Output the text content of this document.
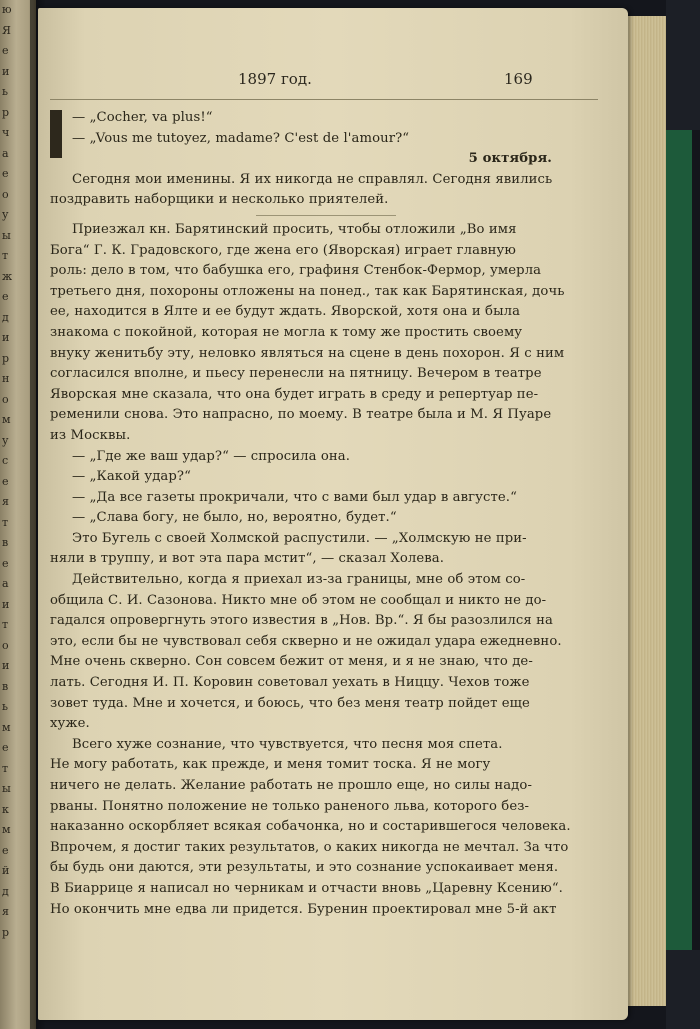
ю
Я
е
и
ь
р
ч
а
е
о
у
ы
т
ж
е
д
и
р
н
о
м
у
с
е
я
т
в
е
а
и
т
о
и
в
ь
м
е
т
ы
к
м
е
й
д
я
р
1897 год.	169
— „Cocher, va plus!“
— „Vous me tutoyez, madame? C'est de l'amour?“
5 октября.
Сегодня мои именины. Я их никогда не справлял. Сегодня явились
поздравить наборщики и несколько приятелей.
Приезжал кн. Барятинский просить, чтобы отложили „Во имя
Бога“ Г. К. Градовского, где жена его (Яворская) играет главную
роль: дело в том, что бабушка его, графиня Стенбок-Фермор, умерла
третьего дня, похороны отложены на понед., так как Барятинская, дочь
ее, находится в Ялте и ее будут ждать. Яворской, хотя она и была
знакома с покойной, которая не могла к тому же простить своему
внуку женитьбу эту, неловко являться на сцене в день похорон. Я с ним
согласился вполне, и пьесу перенесли на пятницу. Вечером в театре
Яворская мне сказала, что она будет играть в среду и репертуар пе-
ременили снова. Это напрасно, по моему. В театре была и М. Я Пуаре
из Москвы.
— „Где же ваш удар?“ — спросила она.
— „Какой удар?“
— „Да все газеты прокричали, что с вами был удар в августе.“
— „Слава богу, не было, но, вероятно, будет.“
Это Бугель с своей Холмской распустили. — „Холмскую не при-
няли в труппу, и вот эта пара мстит“, — сказал Холева.
Действительно, когда я приехал из-за границы, мне об этом со-
общила С. И. Сазонова. Никто мне об этом не сообщал и никто не до-
гадался опровергнуть этого известия в „Нов. Вр.“. Я бы разозлился на
это, если бы не чувствовал себя скверно и не ожидал удара ежедневно.
Мне очень скверно. Сон совсем бежит от меня, и я не знаю, что де-
лать. Сегодня И. П. Коровин советовал уехать в Ниццу. Чехов тоже
зовет туда. Мне и хочется, и боюсь, что без меня театр пойдет еще
хуже.
Всего хуже сознание, что чувствуется, что песня моя спета.
Не могу работать, как прежде, и меня томит тоска. Я не могу
ничего не делать. Желание работать не прошло еще, но силы надо-
рваны. Понятно положение не только раненого льва, которого без-
наказанно оскорбляет всякая собачонка, но и состарившегося человека.
Впрочем, я достиг таких результатов, о каких никогда не мечтал. За что
бы будь они даются, эти результаты, и это сознание успокаивает меня.
В Биаррице я написал но черникам и отчасти вновь „Царевну Ксению“.
Но окончить мне едва ли придется. Буренин проектировал мне 5-й акт
